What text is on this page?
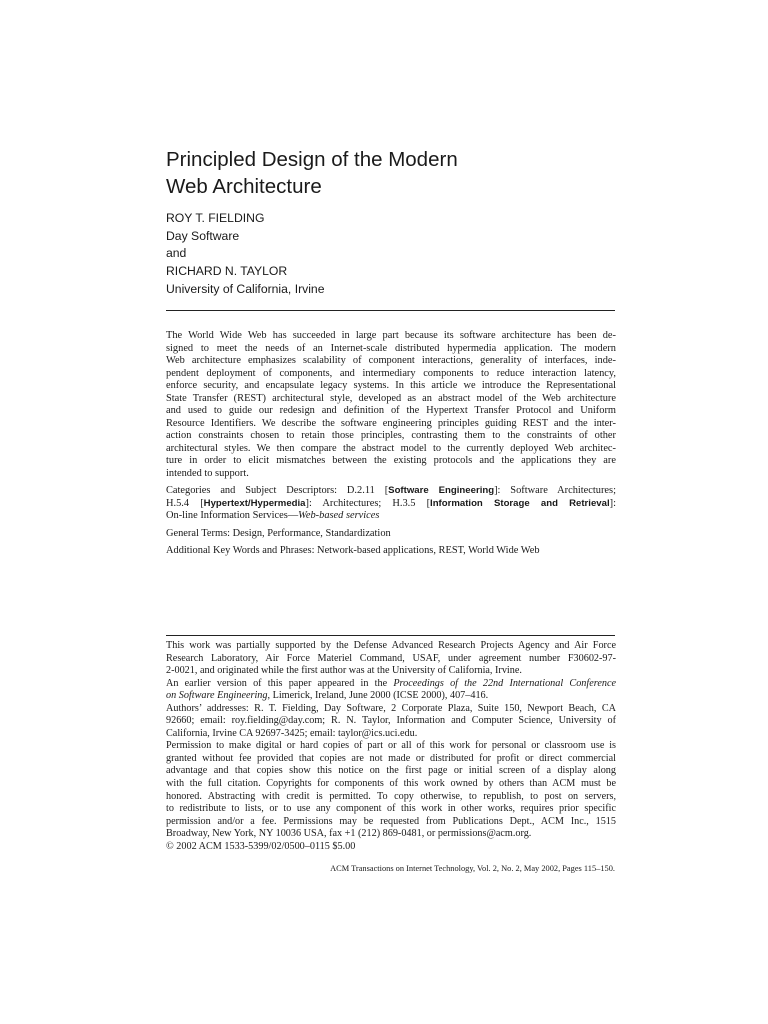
Principled Design of the Modern
Web Architecture
ROY T. FIELDING
Day Software
and
RICHARD N. TAYLOR
University of California, Irvine
The World Wide Web has succeeded in large part because its software architecture has been de-
signed to meet the needs of an Internet-scale distributed hypermedia application. The modern
Web architecture emphasizes scalability of component interactions, generality of interfaces, inde-
pendent deployment of components, and intermediary components to reduce interaction latency,
enforce security, and encapsulate legacy systems. In this article we introduce the Representational
State Transfer (REST) architectural style, developed as an abstract model of the Web architecture
and used to guide our redesign and definition of the Hypertext Transfer Protocol and Uniform
Resource Identifiers. We describe the software engineering principles guiding REST and the inter-
action constraints chosen to retain those principles, contrasting them to the constraints of other
architectural styles. We then compare the abstract model to the currently deployed Web architec-
ture in order to elicit mismatches between the existing protocols and the applications they are
intended to support.
Categories and Subject Descriptors: D.2.11 [Software Engineering]: Software Architectures;
H.5.4 [Hypertext/Hypermedia]: Architectures; H.3.5 [Information Storage and Retrieval]:
On-line Information Services—Web-based services
General Terms: Design, Performance, Standardization
Additional Key Words and Phrases: Network-based applications, REST, World Wide Web
This work was partially supported by the Defense Advanced Research Projects Agency and Air Force
Research Laboratory, Air Force Materiel Command, USAF, under agreement number F30602-97-
2-0021, and originated while the first author was at the University of California, Irvine.
An earlier version of this paper appeared in the Proceedings of the 22nd International Conference
on Software Engineering, Limerick, Ireland, June 2000 (ICSE 2000), 407–416.
Authors’ addresses: R. T. Fielding, Day Software, 2 Corporate Plaza, Suite 150, Newport Beach, CA
92660; email: roy.fielding@day.com; R. N. Taylor, Information and Computer Science, University of
California, Irvine CA 92697-3425; email: taylor@ics.uci.edu.
Permission to make digital or hard copies of part or all of this work for personal or classroom use is
granted without fee provided that copies are not made or distributed for profit or direct commercial
advantage and that copies show this notice on the first page or initial screen of a display along
with the full citation. Copyrights for components of this work owned by others than ACM must be
honored. Abstracting with credit is permitted. To copy otherwise, to republish, to post on servers,
to redistribute to lists, or to use any component of this work in other works, requires prior specific
permission and/or a fee. Permissions may be requested from Publications Dept., ACM Inc., 1515
Broadway, New York, NY 10036 USA, fax +1 (212) 869-0481, or permissions@acm.org.
© 2002 ACM 1533-5399/02/0500–0115 $5.00
ACM Transactions on Internet Technology, Vol. 2, No. 2, May 2002, Pages 115–150.
